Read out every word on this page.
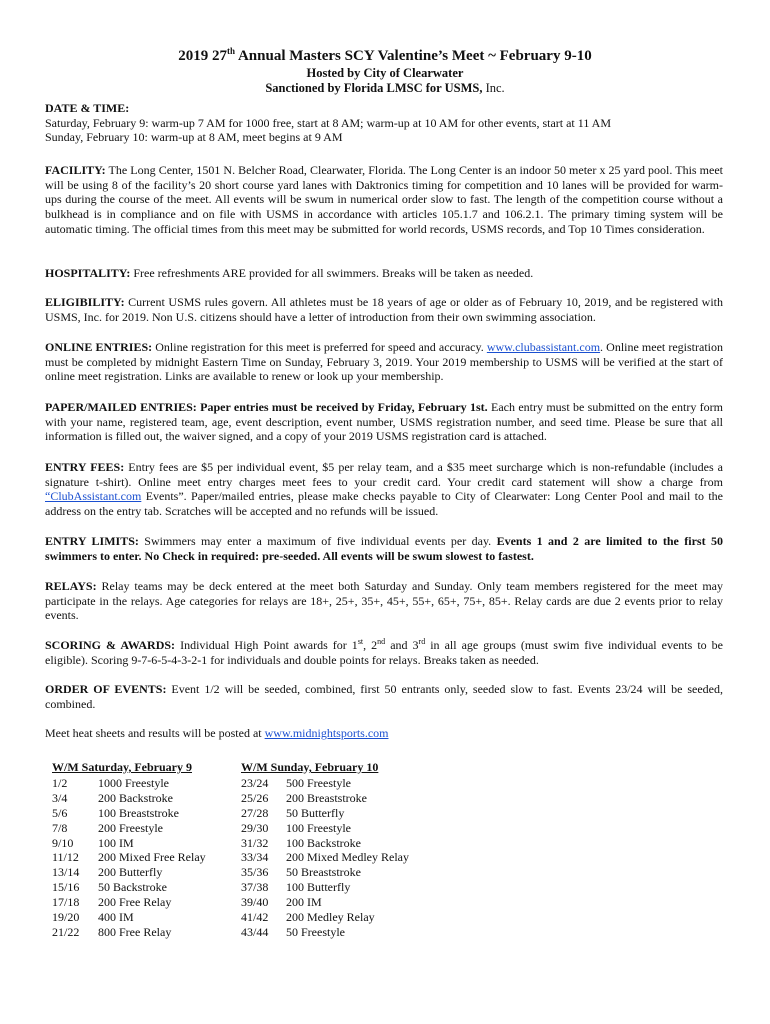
2019 27th Annual Masters SCY Valentine’s Meet ~ February 9-10
Hosted by City of Clearwater
Sanctioned by Florida LMSC for USMS, Inc.
DATE & TIME:
Saturday, February 9: warm-up 7 AM for 1000 free, start at 8 AM; warm-up at 10 AM for other events, start at 11 AM
Sunday, February 10: warm-up at 8 AM, meet begins at 9 AM
FACILITY: The Long Center, 1501 N. Belcher Road, Clearwater, Florida. The Long Center is an indoor 50 meter x 25 yard pool. This meet will be using 8 of the facility’s 20 short course yard lanes with Daktronics timing for competition and 10 lanes will be provided for warm-ups during the course of the meet. All events will be swum in numerical order slow to fast. The length of the competition course without a bulkhead is in compliance and on file with USMS in accordance with articles 105.1.7 and 106.2.1. The primary timing system will be automatic timing. The official times from this meet may be submitted for world records, USMS records, and Top 10 Times consideration.
HOSPITALITY: Free refreshments ARE provided for all swimmers. Breaks will be taken as needed.
ELIGIBILITY: Current USMS rules govern. All athletes must be 18 years of age or older as of February 10, 2019, and be registered with USMS, Inc. for 2019. Non U.S. citizens should have a letter of introduction from their own swimming association.
ONLINE ENTRIES: Online registration for this meet is preferred for speed and accuracy. www.clubassistant.com. Online meet registration must be completed by midnight Eastern Time on Sunday, February 3, 2019. Your 2019 membership to USMS will be verified at the start of online meet registration. Links are available to renew or look up your membership.
PAPER/MAILED ENTRIES: Paper entries must be received by Friday, February 1st. Each entry must be submitted on the entry form with your name, registered team, age, event description, event number, USMS registration number, and seed time. Please be sure that all information is filled out, the waiver signed, and a copy of your 2019 USMS registration card is attached.
ENTRY FEES: Entry fees are $5 per individual event, $5 per relay team, and a $35 meet surcharge which is non-refundable (includes a signature t-shirt). Online meet entry charges meet fees to your credit card. Your credit card statement will show a charge from “ClubAssistant.com Events”. Paper/mailed entries, please make checks payable to City of Clearwater: Long Center Pool and mail to the address on the entry tab. Scratches will be accepted and no refunds will be issued.
ENTRY LIMITS: Swimmers may enter a maximum of five individual events per day. Events 1 and 2 are limited to the first 50 swimmers to enter. No Check in required: pre-seeded. All events will be swum slowest to fastest.
RELAYS: Relay teams may be deck entered at the meet both Saturday and Sunday. Only team members registered for the meet may participate in the relays. Age categories for relays are 18+, 25+, 35+, 45+, 55+, 65+, 75+, 85+. Relay cards are due 2 events prior to relay events.
SCORING & AWARDS: Individual High Point awards for 1st, 2nd and 3rd in all age groups (must swim five individual events to be eligible). Scoring 9-7-6-5-4-3-2-1 for individuals and double points for relays. Breaks taken as needed.
ORDER OF EVENTS: Event 1/2 will be seeded, combined, first 50 entrants only, seeded slow to fast. Events 23/24 will be seeded, combined.
Meet heat sheets and results will be posted at www.midnightsports.com
W/M Saturday, February 9
1/2	1000 Freestyle
3/4	200 Backstroke
5/6	100 Breaststroke
7/8	200 Freestyle
9/10	100 IM
11/12	200 Mixed Free Relay
13/14	200 Butterfly
15/16	50 Backstroke
17/18	200 Free Relay
19/20	400 IM
21/22	800 Free Relay
W/M Sunday, February 10
23/24	500 Freestyle
25/26	200 Breaststroke
27/28	50 Butterfly
29/30	100 Freestyle
31/32	100 Backstroke
33/34	200 Mixed Medley Relay
35/36	50 Breaststroke
37/38	100 Butterfly
39/40	200 IM
41/42	200 Medley Relay
43/44	50 Freestyle
